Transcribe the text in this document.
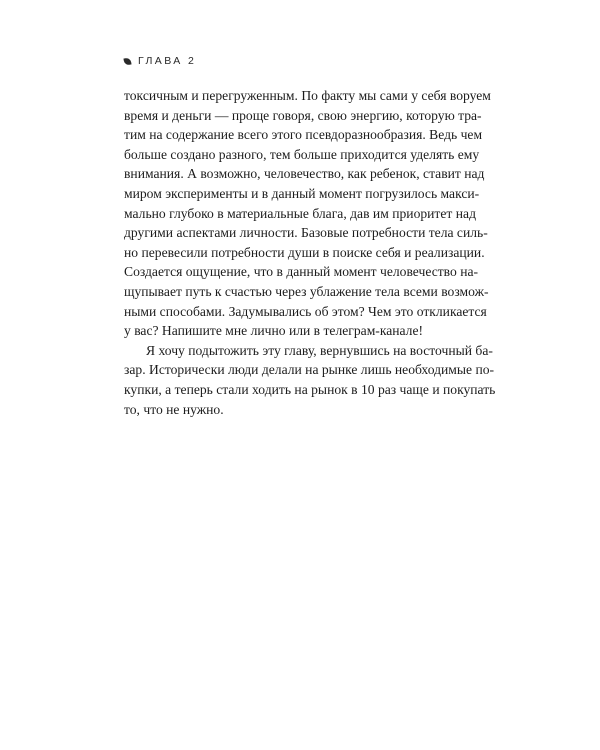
ГЛАВА 2

токсичным и перегруженным. По факту мы сами у себя воруем
время и деньги — проще говоря, свою энергию, которую тра-
тим на содержание всего этого псевдоразнообразия. Ведь чем
больше создано разного, тем больше приходится уделять ему
внимания. А возможно, человечество, как ребенок, ставит над
миром эксперименты и в данный момент погрузилось макси-
мально глубоко в материальные блага, дав им приоритет над
другими аспектами личности. Базовые потребности тела силь-
но перевесили потребности души в поиске себя и реализации.
Создается ощущение, что в данный момент человечество на-
щупывает путь к счастью через ублажение тела всеми возмож-
ными способами. Задумывались об этом? Чем это откликается
у вас? Напишите мне лично или в телеграм-канале!

Я хочу подытожить эту главу, вернувшись на восточный ба-
зар. Исторически люди делали на рынке лишь необходимые по-
купки, а теперь стали ходить на рынок в 10 раз чаще и покупать
то, что не нужно.
